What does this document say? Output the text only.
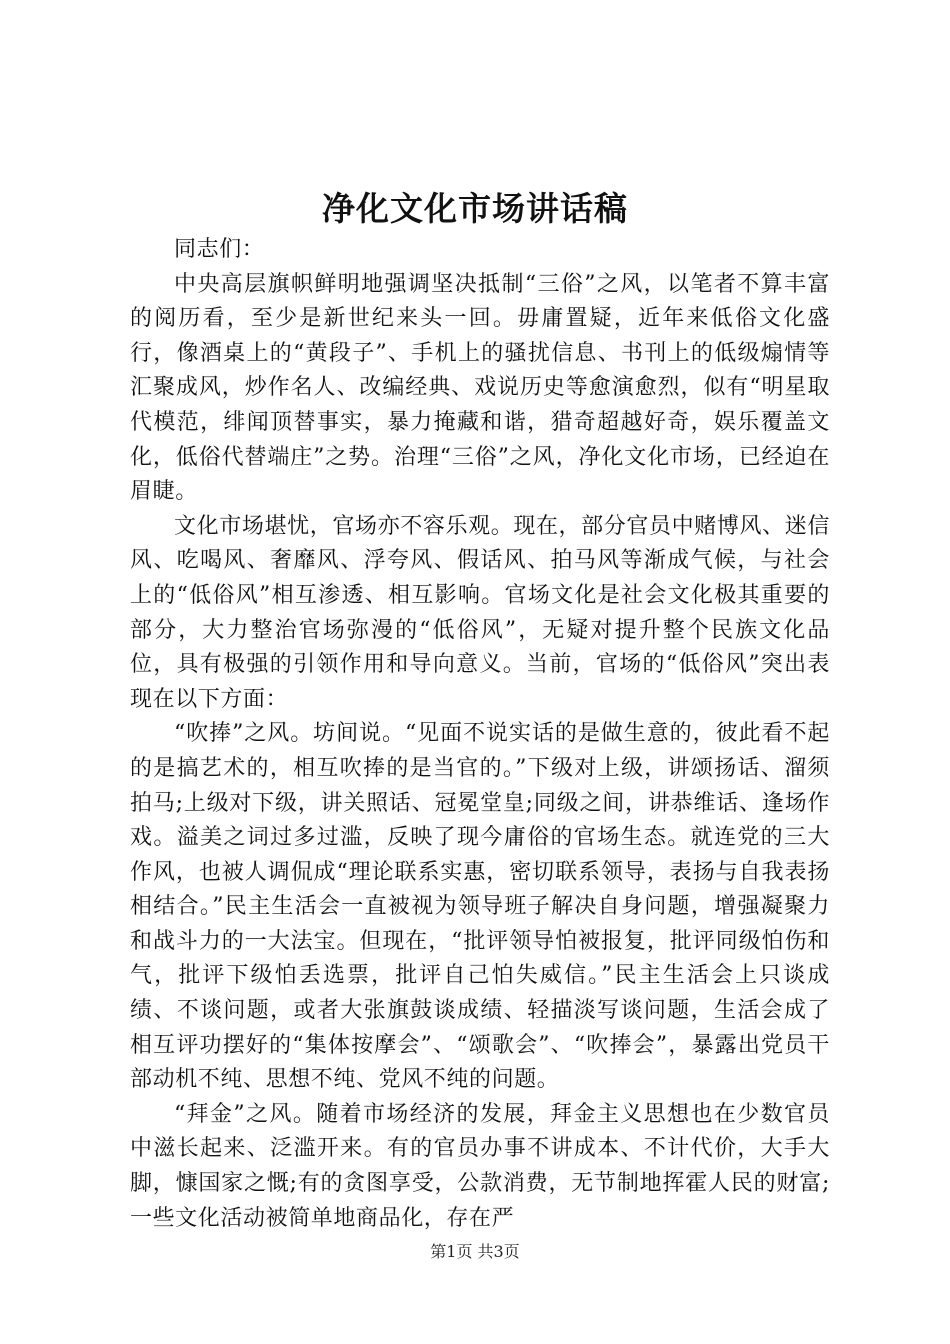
净化文化市场讲话稿

同志们：

中央高层旗帜鲜明地强调坚决抵制“三俗”之风，以笔者不算丰富的阅历看，至少是新世纪来头一回。毋庸置疑，近年来低俗文化盛行，像酒桌上的“黄段子”、手机上的骚扰信息、书刊上的低级煽情等汇聚成风，炒作名人、改编经典、戏说历史等愈演愈烈，似有“明星取代模范，绯闻顶替事实，暴力掩藏和谐，猎奇超越好奇，娱乐覆盖文化，低俗代替端庄”之势。治理“三俗”之风，净化文化市场，已经迫在眉睫。

文化市场堪忧，官场亦不容乐观。现在，部分官员中赌博风、迷信风、吃喝风、奢靡风、浮夸风、假话风、拍马风等渐成气候，与社会上的“低俗风”相互渗透、相互影响。官场文化是社会文化极其重要的部分，大力整治官场弥漫的“低俗风”，无疑对提升整个民族文化品位，具有极强的引领作用和导向意义。当前，官场的“低俗风”突出表现在以下方面：

“吹捧”之风。坊间说。“见面不说实话的是做生意的，彼此看不起的是搞艺术的，相互吹捧的是当官的。”下级对上级，讲颂扬话、溜须拍马;上级对下级，讲关照话、冠冕堂皇;同级之间，讲恭维话、逢场作戏。溢美之词过多过滥，反映了现今庸俗的官场生态。就连党的三大作风，也被人调侃成“理论联系实惠，密切联系领导，表扬与自我表扬相结合。”民主生活会一直被视为领导班子解决自身问题，增强凝聚力和战斗力的一大法宝。但现在，“批评领导怕被报复，批评同级怕伤和气，批评下级怕丢选票，批评自己怕失威信。”民主生活会上只谈成绩、不谈问题，或者大张旗鼓谈成绩、轻描淡写谈问题，生活会成了相互评功摆好的“集体按摩会”、“颂歌会”、“吹捧会”，暴露出党员干部动机不纯、思想不纯、党风不纯的问题。

“拜金”之风。随着市场经济的发展，拜金主义思想也在少数官员中滋长起来、泛滥开来。有的官员办事不讲成本、不计代价，大手大脚，慷国家之慨;有的贪图享受，公款消费，无节制地挥霍人民的财富;一些文化活动被简单地商品化，存在严

第1页 共3页
